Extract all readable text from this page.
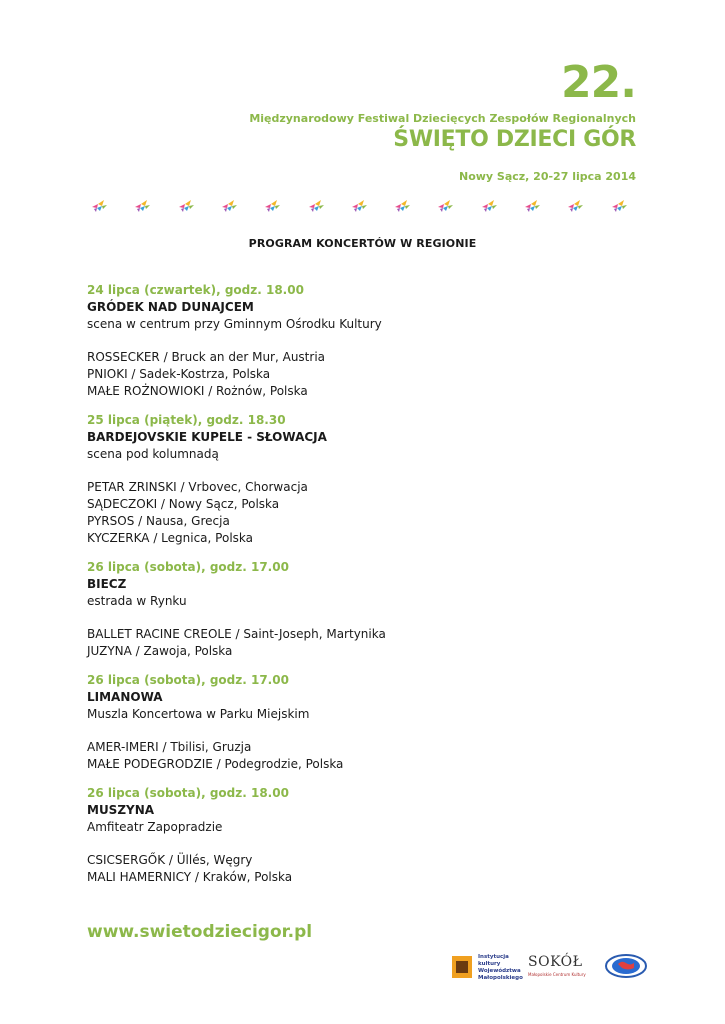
22.
Międzynarodowy Festiwal Dziecięcych Zespołów Regionalnych
ŚWIĘTO DZIECI GÓR
Nowy Sącz, 20-27 lipca 2014
PROGRAM KONCERTÓW W REGIONIE
24 lipca (czwartek), godz. 18.00
GRÓDEK NAD DUNAJCEM
scena w centrum przy Gminnym Ośrodku Kultury
ROSSECKER / Bruck an der Mur, Austria
PNIOKI / Sadek-Kostrza, Polska
MAŁE ROŻNOWIOKI / Rożnów, Polska
25 lipca (piątek), godz. 18.30
BARDEJOVSKIE KUPELE - SŁOWACJA
scena pod kolumnadą
PETAR ZRINSKI / Vrbovec, Chorwacja
SĄDECZOKI / Nowy Sącz, Polska
PYRSOS / Nausa, Grecja
KYCZERKA / Legnica, Polska
26 lipca (sobota), godz. 17.00
BIECZ
estrada w Rynku
BALLET RACINE CREOLE / Saint-Joseph, Martynika
JUZYNA / Zawoja, Polska
26 lipca (sobota), godz. 17.00
LIMANOWA
Muszla Koncertowa w Parku Miejskim
AMER-IMERI / Tbilisi, Gruzja
MAŁE PODEGRODZIE / Podegrodzie, Polska
26 lipca (sobota), godz. 18.00
MUSZYNA
Amfiteatr Zapopradzie
CSICSERGŐK / Üllés, Węgry
MALI HAMERNICY / Kraków, Polska
www.swietodziecigor.pl
Instytucja kultury Województwa Małopolskiego
SOKÓŁ
Małopolskie Centrum Kultury
